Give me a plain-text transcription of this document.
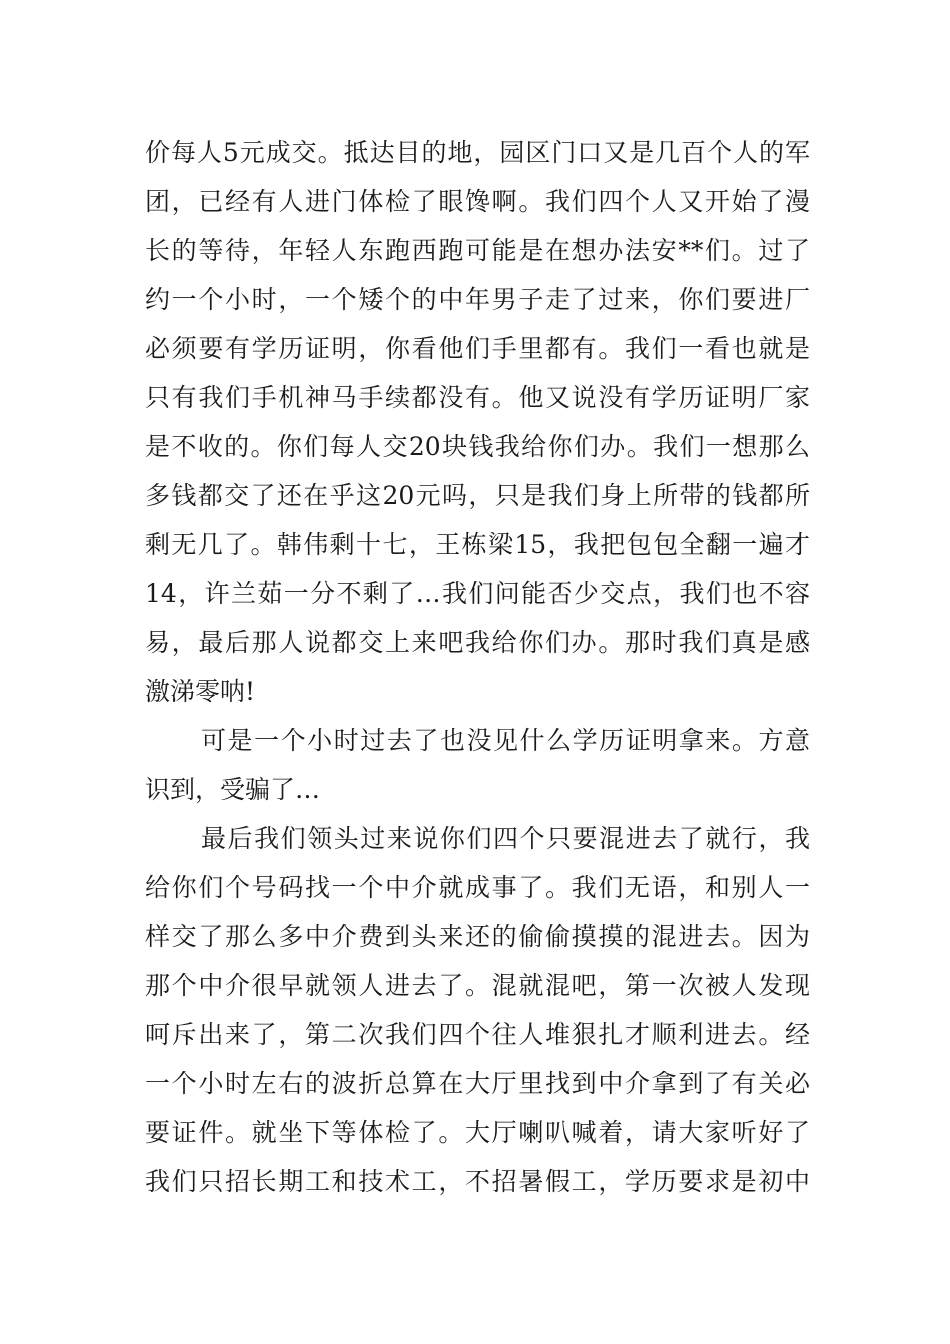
价每人5元成交。抵达目的地，园区门口又是几百个人的军
团，已经有人进门体检了眼馋啊。我们四个人又开始了漫
长的等待，年轻人东跑西跑可能是在想办法安**们。过了
约一个小时，一个矮个的中年男子走了过来，你们要进厂
必须要有学历证明，你看他们手里都有。我们一看也就是
只有我们手机神马手续都没有。他又说没有学历证明厂家
是不收的。你们每人交20块钱我给你们办。我们一想那么
多钱都交了还在乎这20元吗，只是我们身上所带的钱都所
剩无几了。韩伟剩十七，王栋梁15，我把包包全翻一遍才
14，许兰茹一分不剩了…我们问能否少交点，我们也不容
易，最后那人说都交上来吧我给你们办。那时我们真是感
激涕零呐!
可是一个小时过去了也没见什么学历证明拿来。方意
识到，受骗了…
最后我们领头过来说你们四个只要混进去了就行，我
给你们个号码找一个中介就成事了。我们无语，和别人一
样交了那么多中介费到头来还的偷偷摸摸的混进去。因为
那个中介很早就领人进去了。混就混吧，第一次被人发现
呵斥出来了，第二次我们四个往人堆狠扎才顺利进去。经
一个小时左右的波折总算在大厅里找到中介拿到了有关必
要证件。就坐下等体检了。大厅喇叭喊着，请大家听好了
我们只招长期工和技术工，不招暑假工，学历要求是初中
